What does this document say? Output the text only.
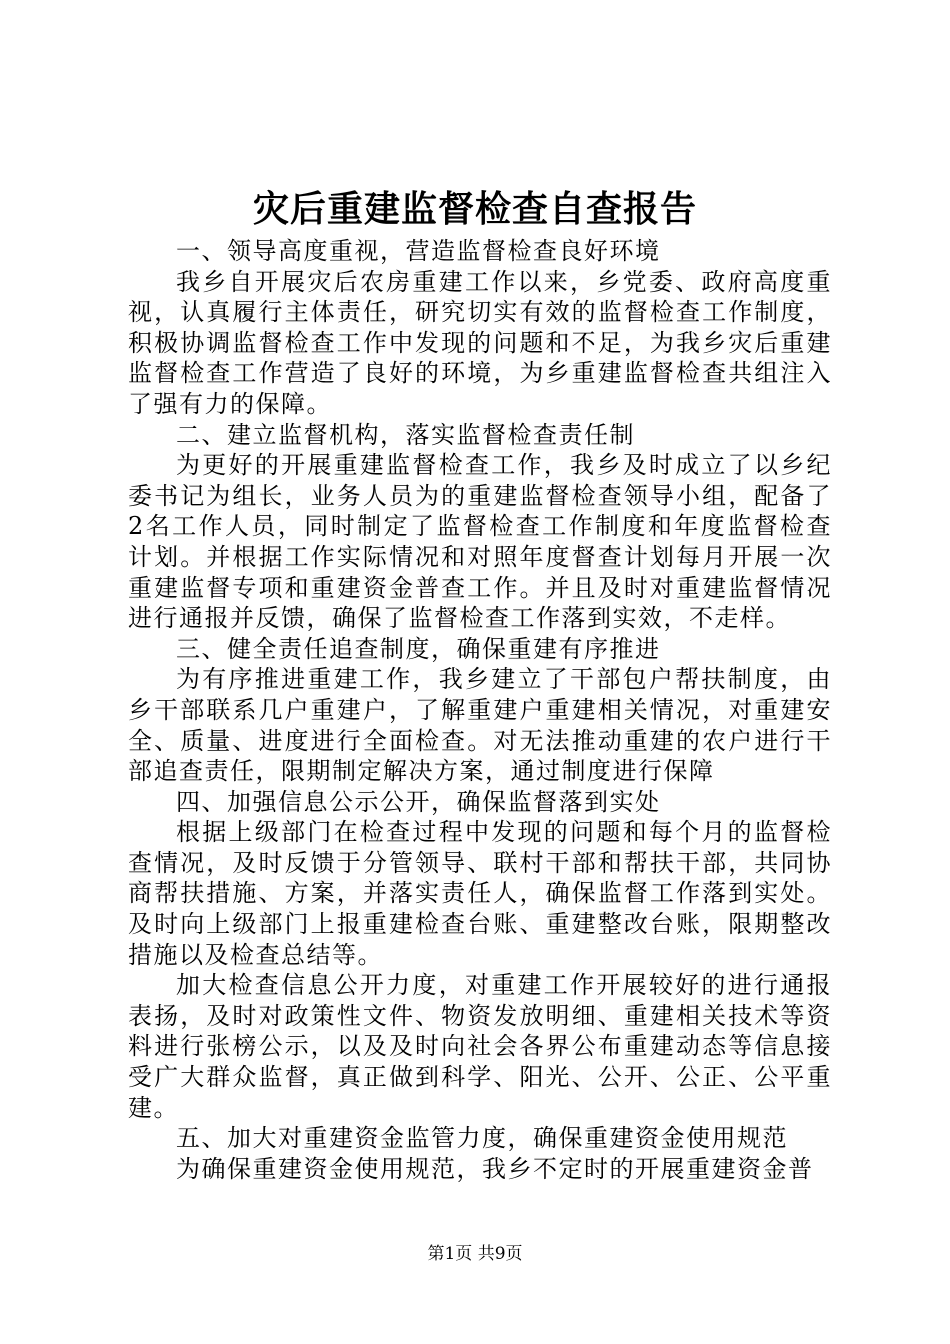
灾后重建监督检查自查报告

一、领导高度重视，营造监督检查良好环境

我乡自开展灾后农房重建工作以来，乡党委、政府高度重视，认真履行主体责任，研究切实有效的监督检查工作制度，积极协调监督检查工作中发现的问题和不足，为我乡灾后重建监督检查工作营造了良好的环境，为乡重建监督检查共组注入了强有力的保障。

二、建立监督机构，落实监督检查责任制

为更好的开展重建监督检查工作，我乡及时成立了以乡纪委书记为组长，业务人员为的重建监督检查领导小组，配备了2名工作人员，同时制定了监督检查工作制度和年度监督检查计划。并根据工作实际情况和对照年度督查计划每月开展一次重建监督专项和重建资金普查工作。并且及时对重建监督情况进行通报并反馈，确保了监督检查工作落到实效，不走样。

三、健全责任追查制度，确保重建有序推进

为有序推进重建工作，我乡建立了干部包户帮扶制度，由乡干部联系几户重建户，了解重建户重建相关情况，对重建安全、质量、进度进行全面检查。对无法推动重建的农户进行干部追查责任，限期制定解决方案，通过制度进行保障

四、加强信息公示公开，确保监督落到实处

根据上级部门在检查过程中发现的问题和每个月的监督检查情况，及时反馈于分管领导、联村干部和帮扶干部，共同协商帮扶措施、方案，并落实责任人，确保监督工作落到实处。及时向上级部门上报重建检查台账、重建整改台账，限期整改措施以及检查总结等。

加大检查信息公开力度，对重建工作开展较好的进行通报表扬，及时对政策性文件、物资发放明细、重建相关技术等资料进行张榜公示，以及及时向社会各界公布重建动态等信息接受广大群众监督，真正做到科学、阳光、公开、公正、公平重建。

五、加大对重建资金监管力度，确保重建资金使用规范

为确保重建资金使用规范，我乡不定时的开展重建资金普

第1页 共9页
